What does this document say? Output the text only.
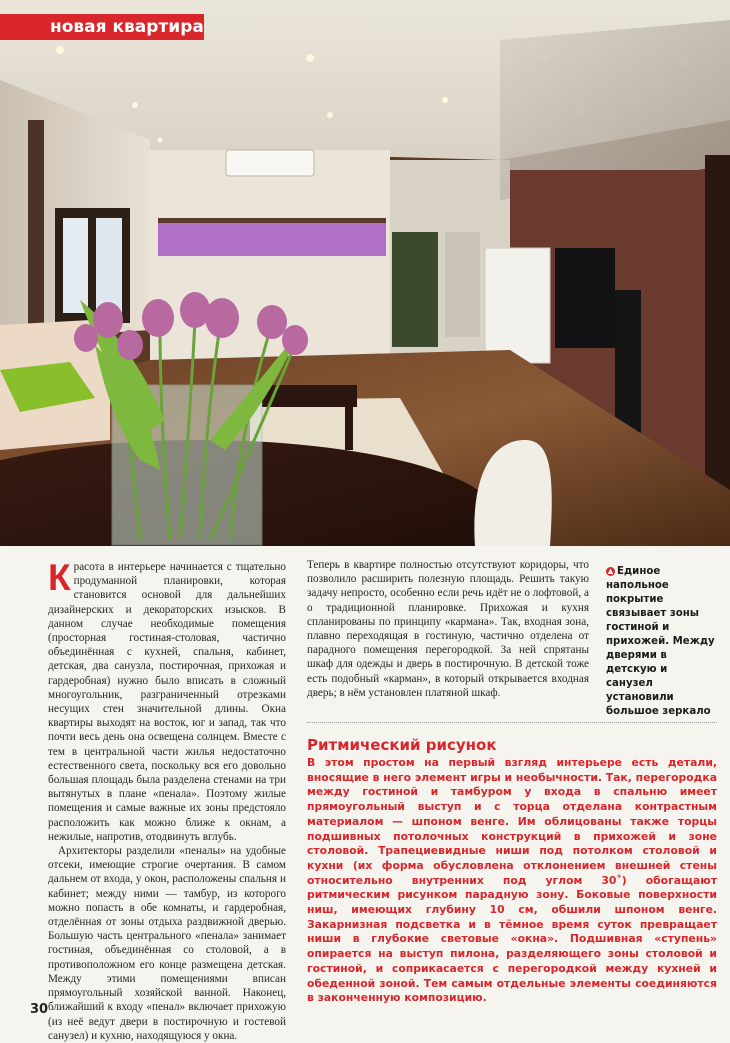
новая квартира

Красота в интерьере начинается с тщательно продуманной планировки, которая становится основой для дальнейших дизайнерских и декораторских изысков. В данном случае необходимые помещения (просторная гостиная-столовая, частично объединённая с кухней, спальня, кабинет, детская, два санузла, постирочная, прихожая и гардеробная) нужно было вписать в сложный многоугольник, разграниченный отрезками несущих стен значительной длины. Окна квартиры выходят на восток, юг и запад, так что почти весь день она освещена солнцем. Вместе с тем в центральной части жилья недостаточно естественного света, поскольку вся его довольно большая площадь была разделена стенами на три вытянутых в плане «пенала». Поэтому жилые помещения и самые важные их зоны предстояло расположить как можно ближе к окнам, а нежилые, напротив, отодвинуть вглубь.

Архитекторы разделили «пеналы» на удобные отсеки, имеющие строгие очертания. В самом дальнем от входа, у окон, расположены спальня и кабинет; между ними — тамбур, из которого можно попасть в обе комнаты, и гардеробная, отделённая от зоны отдыха раздвижной дверью. Большую часть центрального «пенала» занимает гостиная, объединённая со столовой, а в противоположном его конце размещена детская. Между этими помещениями вписан прямоугольный хозяйской ванной. Наконец, ближайший к входу «пенал» включает прихожую (из неё ведут двери в постирочную и гостевой санузел) и кухню, находящуюся у окна.

Теперь в квартире полностью отсутствуют коридоры, что позволило расширить полезную площадь. Решить такую задачу непросто, особенно если речь идёт не о лофтовой, а о традиционной планировке. Прихожая и кухня спланированы по принципу «кармана». Так, входная зона, плавно переходящая в гостиную, частично отделена от парадного помещения перегородкой. За ней спрятаны шкаф для одежды и дверь в постирочную. В детской тоже есть подобный «карман», в который открывается входная дверь; в нём установлен платяной шкаф.

▲ Единое напольное покрытие связывает зоны гостиной и прихожей. Между дверями в детскую и санузел установили большое зеркало
Ритмический рисунок
В этом простом на первый взгляд интерьере есть детали, вносящие в него элемент игры и необычности. Так, перегородка между гостиной и тамбуром у входа в спальню имеет прямоугольный выступ и с торца отделана контрастным материалом — шпоном венге. Им облицованы также торцы подшивных потолочных конструкций в прихожей и зоне столовой. Трапециевидные ниши под потолком столовой и кухни (их форма обусловлена отклонением внешней стены относительно внутренних под углом 30˚) обогащают ритмическим рисунком парадную зону. Боковые поверхности ниш, имеющих глубину 10 см, обшили шпоном венге. Закарнизная подсветка и в тёмное время суток превращает ниши в глубокие световые «окна». Подшивная «ступень» опирается на выступ пилона, разделяющего зоны столовой и гостиной, и соприкасается с перегородкой между кухней и обеденной зоной. Тем самым отдельные элементы соединяются в законченную композицию.
30
